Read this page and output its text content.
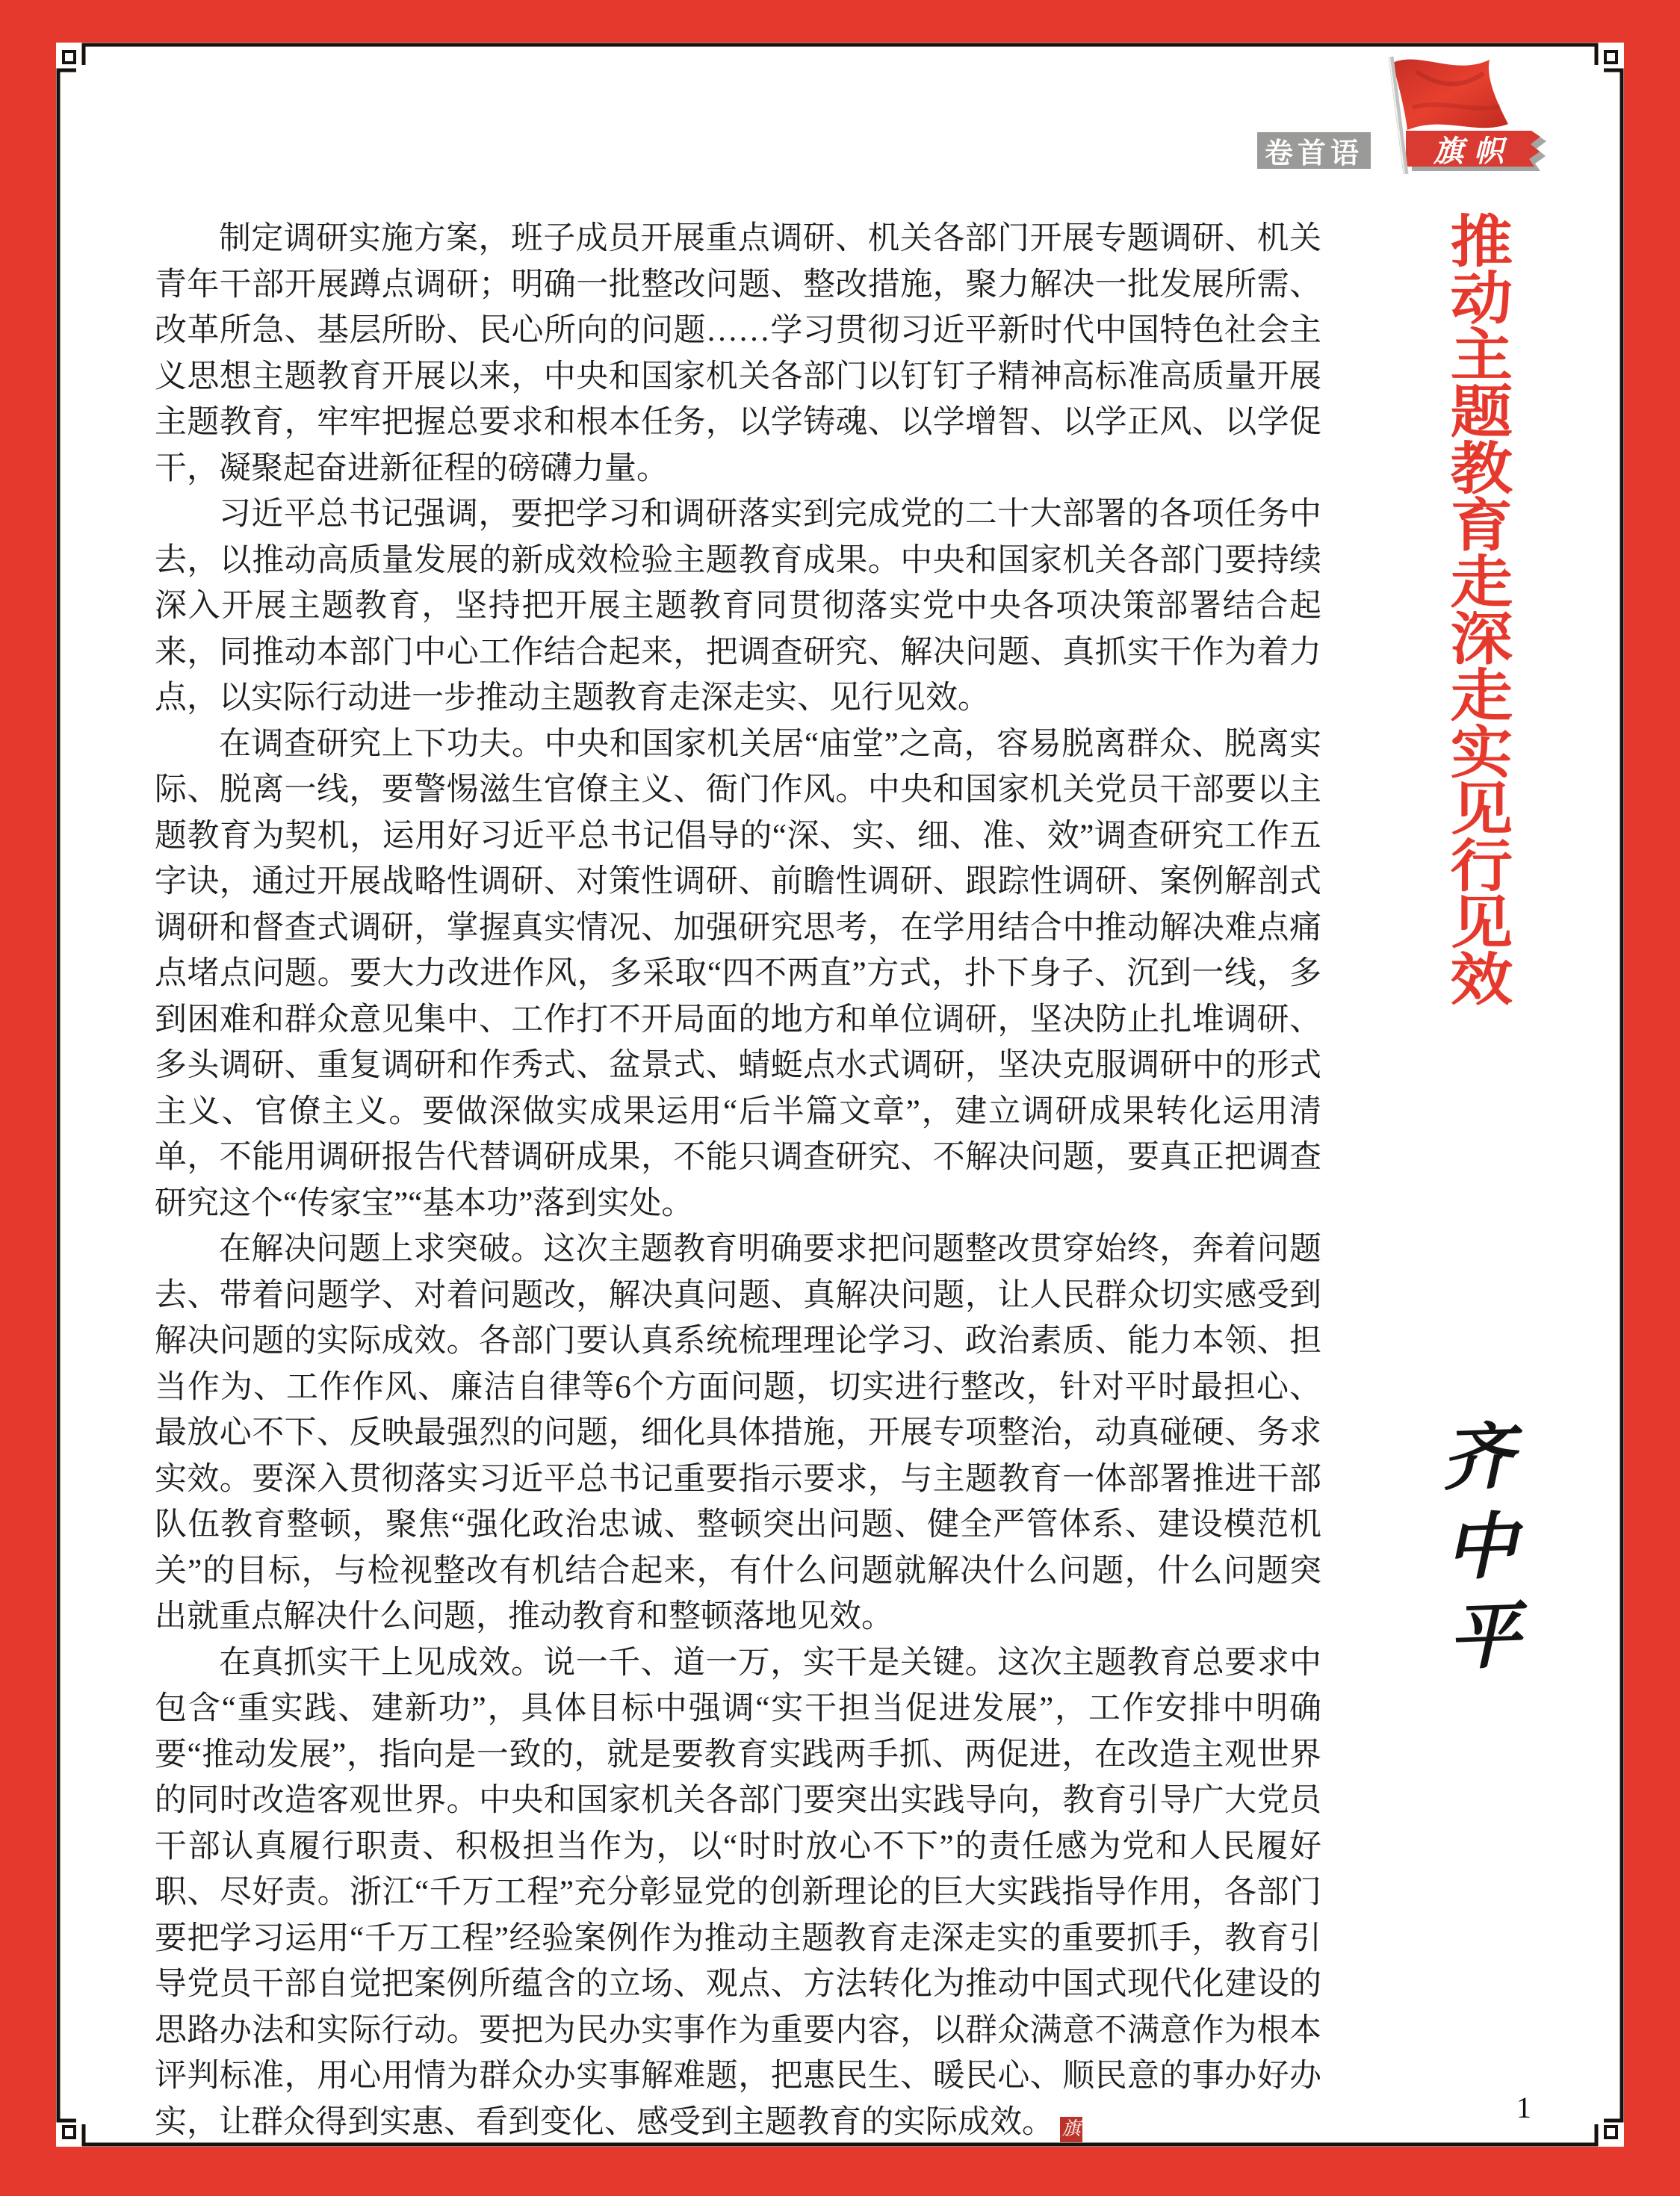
卷首语	旗帜
推动主题教育走深走实见行见效

制定调研实施方案，班子成员开展重点调研、机关各部门开展专题调研、机关青年干部开展蹲点调研；明确一批整改问题、整改措施，聚力解决一批发展所需、改革所急、基层所盼、民心所向的问题……学习贯彻习近平新时代中国特色社会主义思想主题教育开展以来，中央和国家机关各部门以钉钉子精神高标准高质量开展主题教育，牢牢把握总要求和根本任务，以学铸魂、以学增智、以学正风、以学促干，凝聚起奋进新征程的磅礴力量。

习近平总书记强调，要把学习和调研落实到完成党的二十大部署的各项任务中去，以推动高质量发展的新成效检验主题教育成果。中央和国家机关各部门要持续深入开展主题教育，坚持把开展主题教育同贯彻落实党中央各项决策部署结合起来，同推动本部门中心工作结合起来，把调查研究、解决问题、真抓实干作为着力点，以实际行动进一步推动主题教育走深走实、见行见效。

在调查研究上下功夫。中央和国家机关居“庙堂”之高，容易脱离群众、脱离实际、脱离一线，要警惕滋生官僚主义、衙门作风。中央和国家机关党员干部要以主题教育为契机，运用好习近平总书记倡导的“深、实、细、准、效”调查研究工作五字诀，通过开展战略性调研、对策性调研、前瞻性调研、跟踪性调研、案例解剖式调研和督查式调研，掌握真实情况、加强研究思考，在学用结合中推动解决难点痛点堵点问题。要大力改进作风，多采取“四不两直”方式，扑下身子、沉到一线，多到困难和群众意见集中、工作打不开局面的地方和单位调研，坚决防止扎堆调研、多头调研、重复调研和作秀式、盆景式、蜻蜓点水式调研，坚决克服调研中的形式主义、官僚主义。要做深做实成果运用“后半篇文章”，建立调研成果转化运用清单，不能用调研报告代替调研成果，不能只调查研究、不解决问题，要真正把调查研究这个“传家宝”“基本功”落到实处。

在解决问题上求突破。这次主题教育明确要求把问题整改贯穿始终，奔着问题去、带着问题学、对着问题改，解决真问题、真解决问题，让人民群众切实感受到解决问题的实际成效。各部门要认真系统梳理理论学习、政治素质、能力本领、担当作为、工作作风、廉洁自律等6个方面问题，切实进行整改，针对平时最担心、最放心不下、反映最强烈的问题，细化具体措施，开展专项整治，动真碰硬、务求实效。要深入贯彻落实习近平总书记重要指示要求，与主题教育一体部署推进干部队伍教育整顿，聚焦“强化政治忠诚、整顿突出问题、健全严管体系、建设模范机关”的目标，与检视整改有机结合起来，有什么问题就解决什么问题，什么问题突出就重点解决什么问题，推动教育和整顿落地见效。

在真抓实干上见成效。说一千、道一万，实干是关键。这次主题教育总要求中包含“重实践、建新功”，具体目标中强调“实干担当促进发展”，工作安排中明确要“推动发展”，指向是一致的，就是要教育实践两手抓、两促进，在改造主观世界的同时改造客观世界。中央和国家机关各部门要突出实践导向，教育引导广大党员干部认真履行职责、积极担当作为，以“时时放心不下”的责任感为党和人民履好职、尽好责。浙江“千万工程”充分彰显党的创新理论的巨大实践指导作用，各部门要把学习运用“千万工程”经验案例作为推动主题教育走深走实的重要抓手，教育引导党员干部自觉把案例所蕴含的立场、观点、方法转化为推动中国式现代化建设的思路办法和实际行动。要把为民办实事作为重要内容，以群众满意不满意作为根本评判标准，用心用情为群众办实事解难题，把惠民生、暖民心、顺民意的事办好办实，让群众得到实惠、看到变化、感受到主题教育的实际成效。 旗

齐中平
1
